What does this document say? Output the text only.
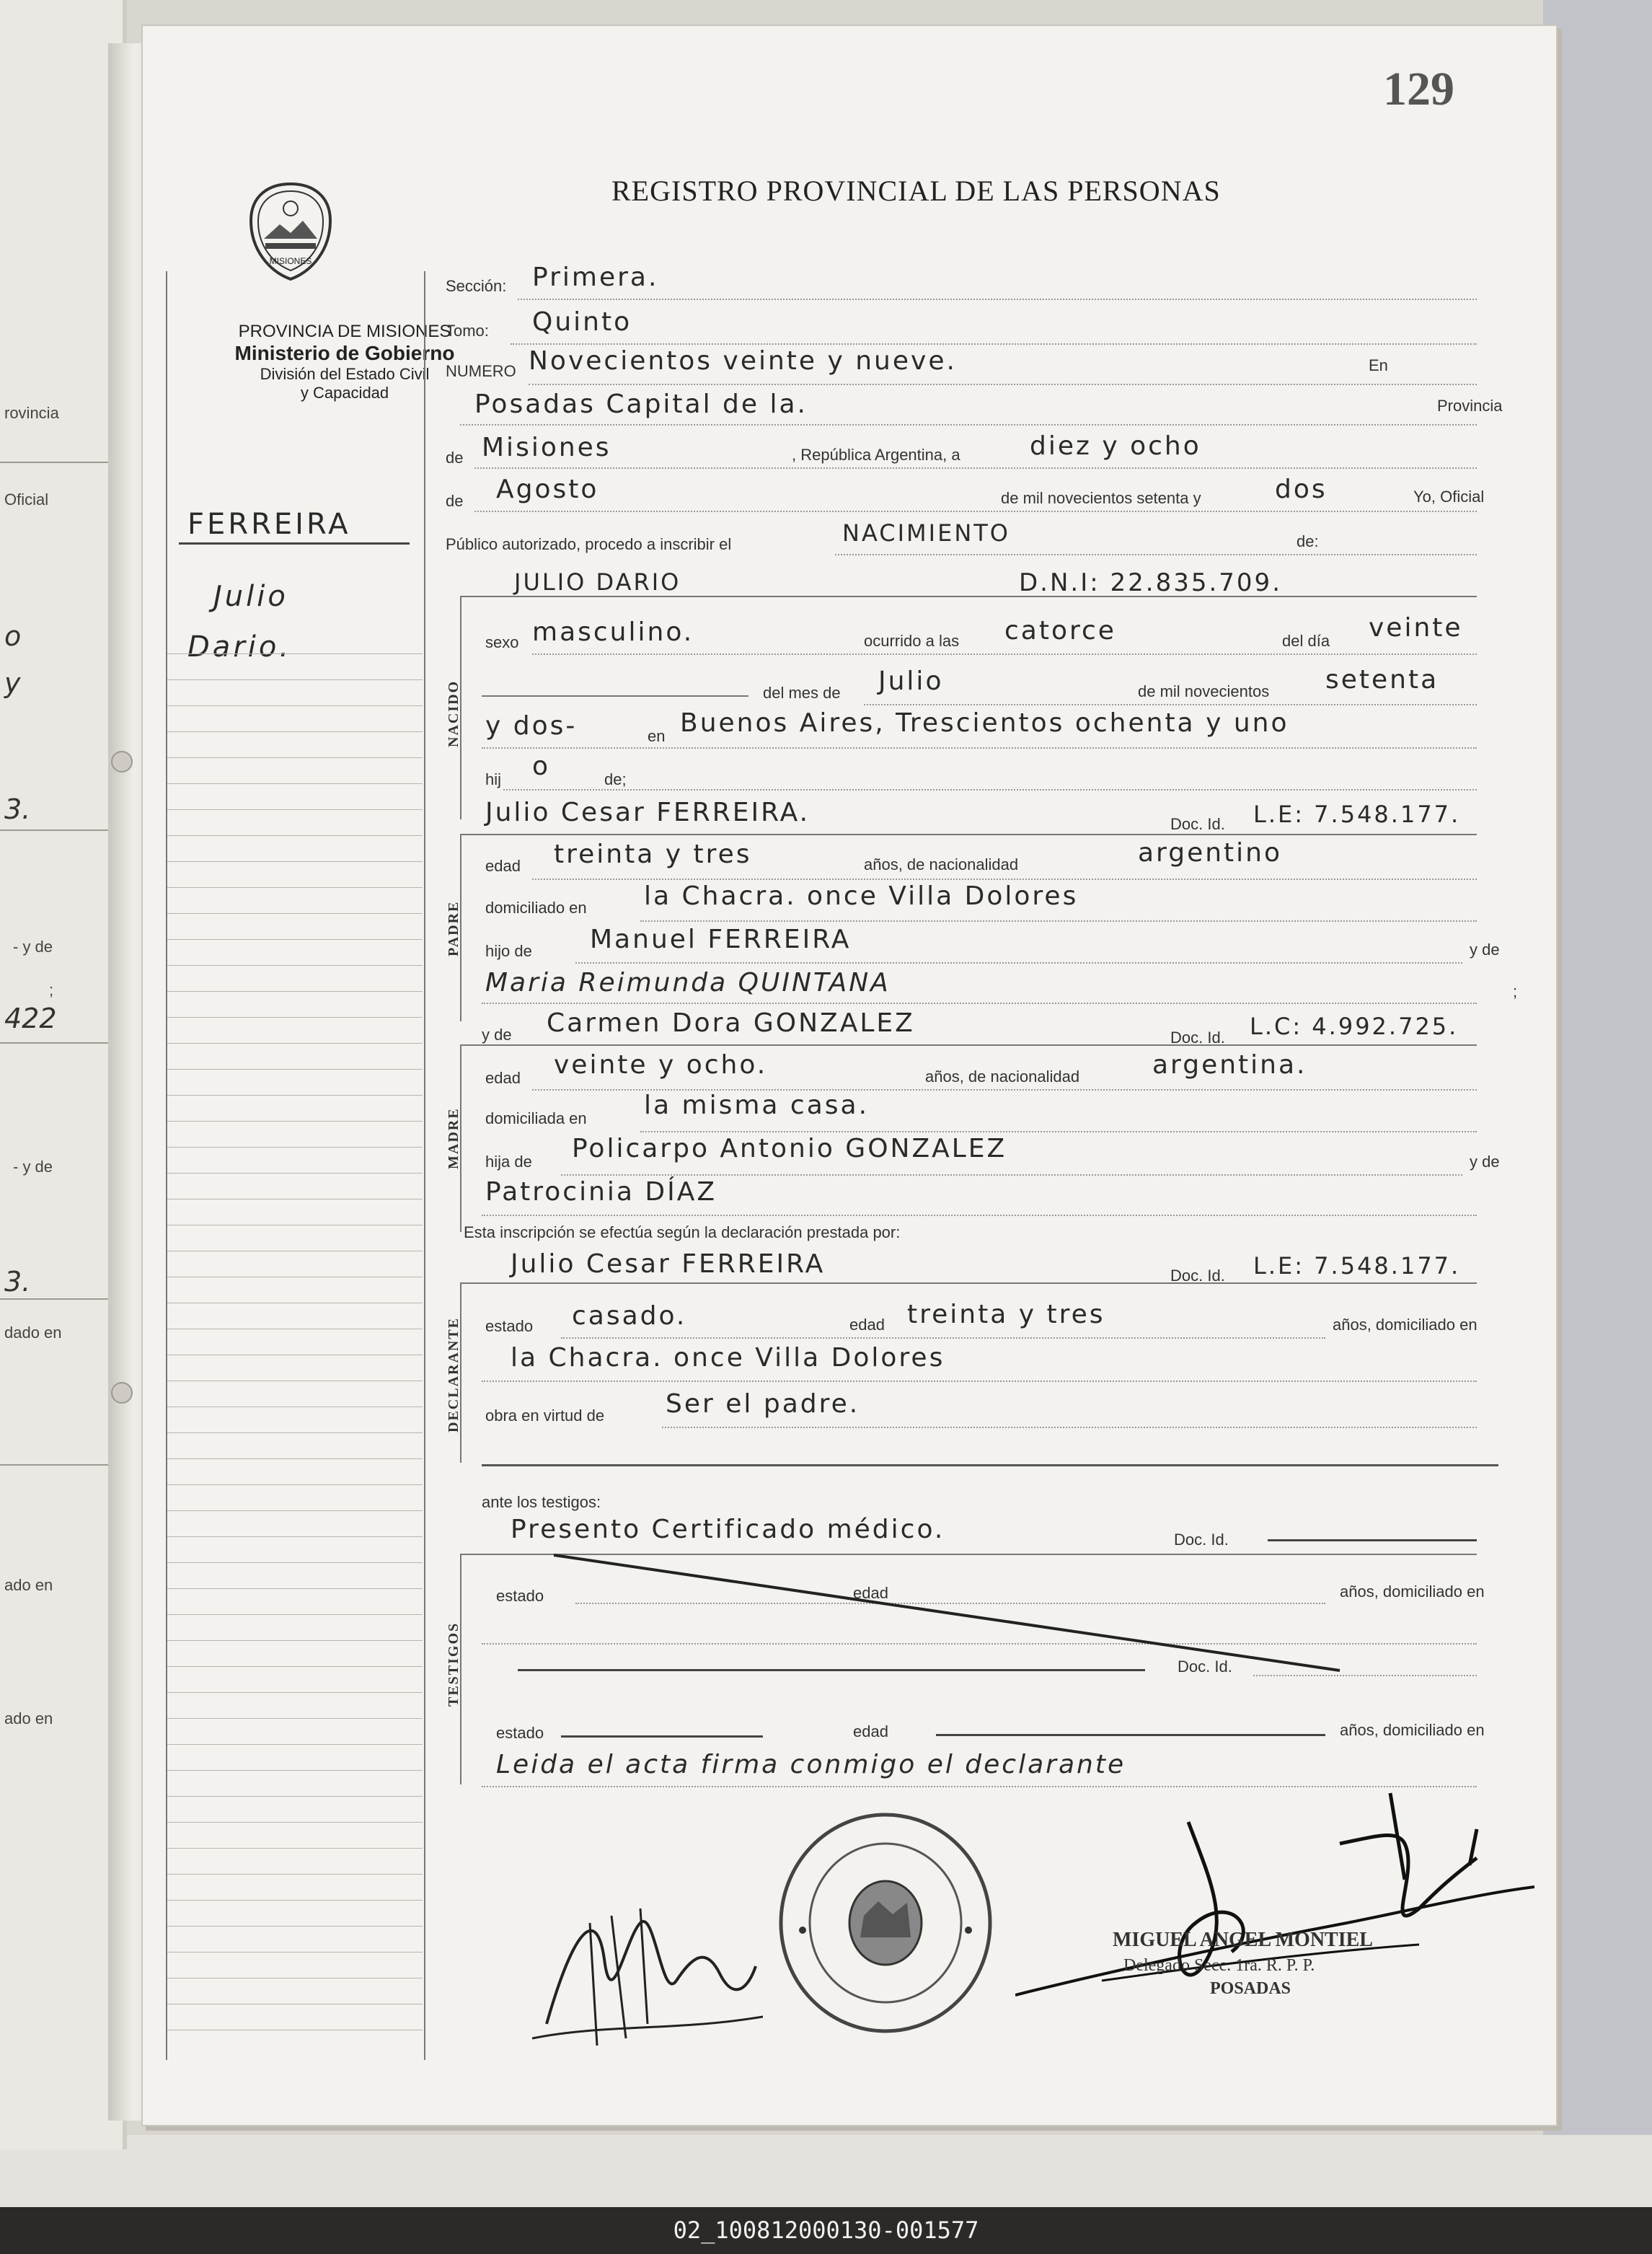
rovincia
Oficial
o
y
3.
- y de
;
422
- y de
3.
dado en
ado en
ado en
129
REGISTRO PROVINCIAL DE LAS PERSONAS
MISIONES
PROVINCIA DE MISIONES
Ministerio de Gobierno
División del Estado Civil
y Capacidad
FERREIRA
Julio
Dario.
Sección: Primera.
Tomo: Quinto
NUMERO Novecientos veinte y nueve.	En
Posadas Capital de la.	Provincia
de Misiones	, República Argentina, a	diez y ocho
de Agosto	de mil novecientos setenta y	dos	Yo, Oficial
Público autorizado, procedo a inscribir el	NACIMIENTO	de:
NACIDO
JULIO DARIO	D.N.I: 22.835.709.
sexo masculino.	ocurrido a las catorce	del día veinte
del mes de Julio	de mil novecientos setenta
y dos-	en Buenos Aires, Trescientos ochenta y uno
hij o	de;
Julio Cesar FERREIRA.	Doc. Id. L.E: 7.548.177.
PADRE
edad treinta y tres	años, de nacionalidad	argentino
domiciliado en la Chacra. once Villa Dolores
hijo de Manuel FERREIRA	y de
Maria Reimunda QUINTANA	;
y de Carmen Dora GONZALEZ	Doc. Id. L.C: 4.992.725.
MADRE
edad veinte y ocho.	años, de nacionalidad	argentina.
domiciliada en la misma casa.
hija de Policarpo Antonio GONZALEZ	y de
Patrocinia DÍAZ
Esta inscripción se efectúa según la declaración prestada por:
Julio Cesar FERREIRA	Doc. Id. L.E: 7.548.177.
DECLARANTE estado casado.	edad treinta y tres	años, domiciliado en
la Chacra. once Villa Dolores
obra en virtud de Ser el padre.
ante los testigos:
Presento Certificado médico.	Doc. Id.
TESTIGOS
estado	edad	años, domiciliado en
Doc. Id.
estado	edad	años, domiciliado en
Leida el acta firma conmigo el declarante
MIGUEL ANGEL MONTIEL
Delegado Secc. 1ra. R. P. P.
POSADAS
02_100812000130-001577
